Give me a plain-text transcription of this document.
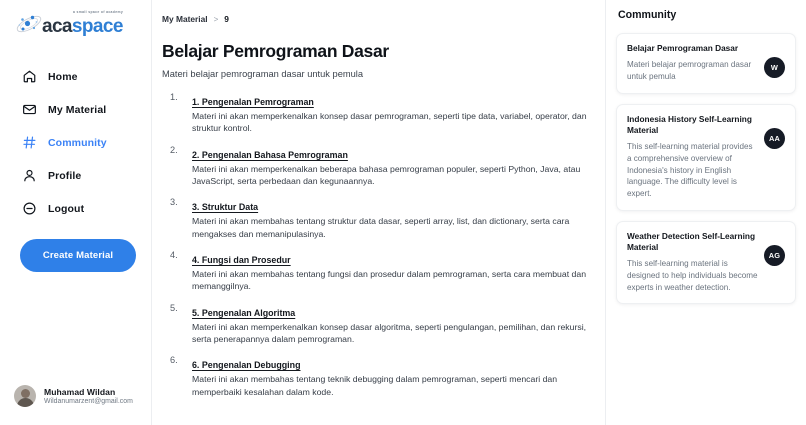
a small space of academy
acaspace
Home
My Material
Community
Profile
Logout
Create Material
Muhamad Wildan
Wildanumarzent@gmail.com
My Material > 9
Belajar Pemrograman Dasar

Materi belajar pemrograman dasar untuk pemula

1. Pengenalan Pemrograman
Materi ini akan memperkenalkan konsep dasar pemrograman, seperti tipe data, variabel, operator, dan struktur kontrol.
2. Pengenalan Bahasa Pemrograman
Materi ini akan memperkenalkan beberapa bahasa pemrograman populer, seperti Python, Java, atau JavaScript, serta perbedaan dan kegunaannya.
3. Struktur Data
Materi ini akan membahas tentang struktur data dasar, seperti array, list, dan dictionary, serta cara mengakses dan memanipulasinya.
4. Fungsi dan Prosedur
Materi ini akan membahas tentang fungsi dan prosedur dalam pemrograman, serta cara membuat dan memanggilnya.
5. Pengenalan Algoritma
Materi ini akan memperkenalkan konsep dasar algoritma, seperti pengulangan, pemilihan, dan rekursi, serta penerapannya dalam pemrograman.
6. Pengenalan Debugging
Materi ini akan membahas tentang teknik debugging dalam pemrograman, seperti mencari dan memperbaiki kesalahan dalam kode.
Community
Belajar Pemrograman Dasar
Materi belajar pemrograman dasar untuk pemula
W
Indonesia History Self-Learning Material
This self-learning material provides a comprehensive overview of Indonesia's history in English language. The difficulty level is expert.
AA
Weather Detection Self-Learning Material
This self-learning material is designed to help individuals become experts in weather detection.
AG
